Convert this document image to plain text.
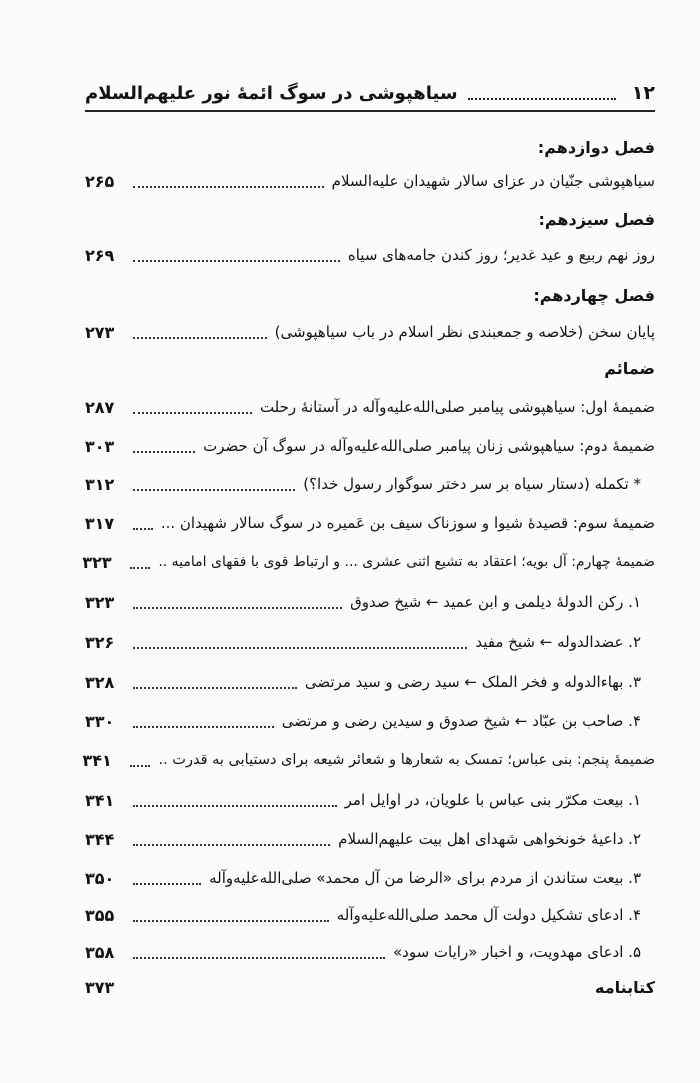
۱۲
سیاهپوشی در سوگ ائمهٔ نور علیهم‌السلام
فصل دوازدهم:
سیاهپوشی جنّیان در عزای سالار شهیدان علیه‌السلام
۲۶۵
فصل سیزدهم:
روز نهم ربیع و عید غدیر؛ روز کندن جامه‌های سیاه
۲۶۹
فصل چهاردهم:
پایان سخن (خلاصه و جمعبندی نظر اسلام در باب سیاهپوشی)
۲۷۳
ضمائم
ضمیمهٔ اول: سیاهپوشی پیامبر صلی‌الله‌علیه‌وآله در آستانهٔ رحلت
۲۸۷
ضمیمهٔ دوم: سیاهپوشی زنان پیامبر صلی‌الله‌علیه‌وآله در سوگ آن حضرت
۳۰۳
* تکمله (دستار سیاه بر سر دختر سوگوار رسول خدا؟)
۳۱۲
ضمیمهٔ سوم: قصیدهٔ شیوا و سوزناک سیف بن عَمیره در سوگ سالار شهیدان ...
۳۱۷
ضمیمهٔ چهارم: آل بویه؛ اعتقاد به تشیع اثنی عشری ... و ارتباط قوی با فقهای امامیه ..
۳۲۳
۱. رکن الدولهٔ دیلمی و ابن عمید ← شیخ صدوق
۳۲۳
۲. عضدالدوله ← شیخ مفید
۳۲۶
۳. بهاءالدوله و فخر الملک ← سید رضی و سید مرتضی
۳۲۸
۴. صاحب بن عبّاد ← شیخ صدوق و سیدین رضی و مرتضی
۳۳۰
ضمیمهٔ پنجم: بنی عباس؛ تمسک به شعارها و شعائر شیعه برای دستیابی به قدرت ..
۳۴۱
۱. بیعت مکرّر بنی عباس با علویان، در اوایل امر
۳۴۱
۲. داعیهٔ خونخواهی شهدای اهل بیت علیهم‌السلام
۳۴۴
۳. بیعت ستاندن از مردم برای «الرضا من آل محمد» صلی‌الله‌علیه‌وآله
۳۵۰
۴. ادعای تشکیل دولت آل محمد صلی‌الله‌علیه‌وآله
۳۵۵
۵. ادعای مهدویت، و اخبار «رایات سود»
۳۵۸
کتابنامه
۳۷۳
